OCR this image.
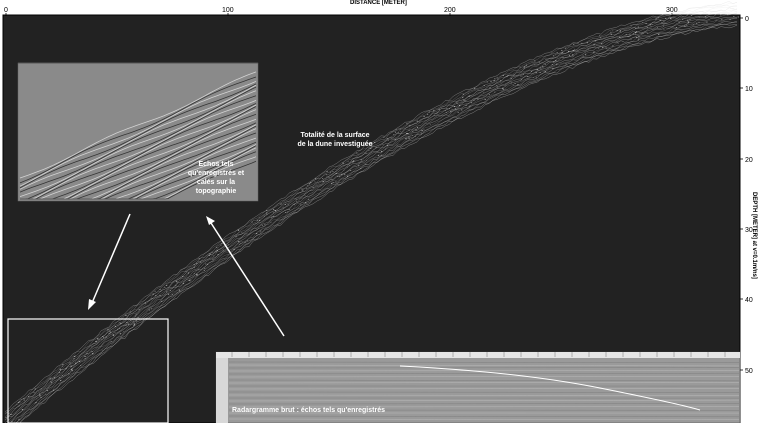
DISTANCE [METER]
DEPTH [METER] at v=0.1m/ns]
0	100	200	300
0
10
20
30
40
50
Totalité de la surface de la dune investiguée
Echos tels qu'enregistrés et calés sur la topographie
Radargramme brut : échos tels qu'enregistrés
